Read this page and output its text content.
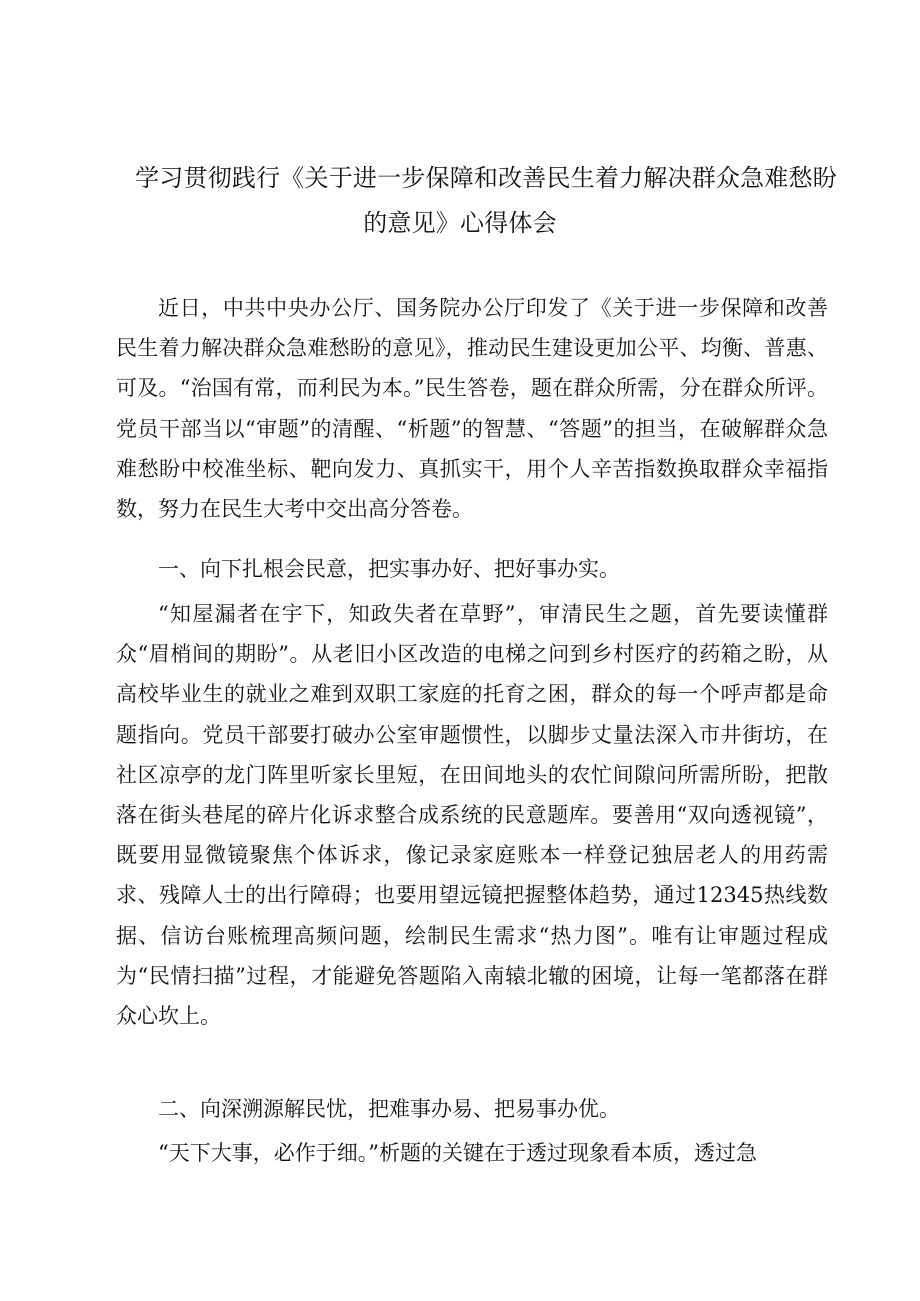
学习贯彻践行《关于进一步保障和改善民生着力解决群众急难愁盼
的意见》心得体会

近日，中共中央办公厅、国务院办公厅印发了《关于进一步保障和改善民生着力解决群众急难愁盼的意见》，推动民生建设更加公平、均衡、普惠、可及。“治国有常，而利民为本。”民生答卷，题在群众所需，分在群众所评。党员干部当以“审题”的清醒、“析题”的智慧、“答题”的担当，在破解群众急难愁盼中校准坐标、靶向发力、真抓实干，用个人辛苦指数换取群众幸福指数，努力在民生大考中交出高分答卷。

一、向下扎根会民意，把实事办好、把好事办实。

“知屋漏者在宇下，知政失者在草野”，审清民生之题，首先要读懂群众“眉梢间的期盼”。从老旧小区改造的电梯之问到乡村医疗的药箱之盼，从高校毕业生的就业之难到双职工家庭的托育之困，群众的每一个呼声都是命题指向。党员干部要打破办公室审题惯性，以脚步丈量法深入市井街坊，在社区凉亭的龙门阵里听家长里短，在田间地头的农忙间隙问所需所盼，把散落在街头巷尾的碎片化诉求整合成系统的民意题库。要善用“双向透视镜”，既要用显微镜聚焦个体诉求，像记录家庭账本一样登记独居老人的用药需求、残障人士的出行障碍；也要用望远镜把握整体趋势，通过12345热线数据、信访台账梳理高频问题，绘制民生需求“热力图”。唯有让审题过程成为“民情扫描”过程，才能避免答题陷入南辕北辙的困境，让每一笔都落在群众心坎上。

二、向深溯源解民忧，把难事办易、把易事办优。

“天下大事，必作于细。”析题的关键在于透过现象看本质，透过急
